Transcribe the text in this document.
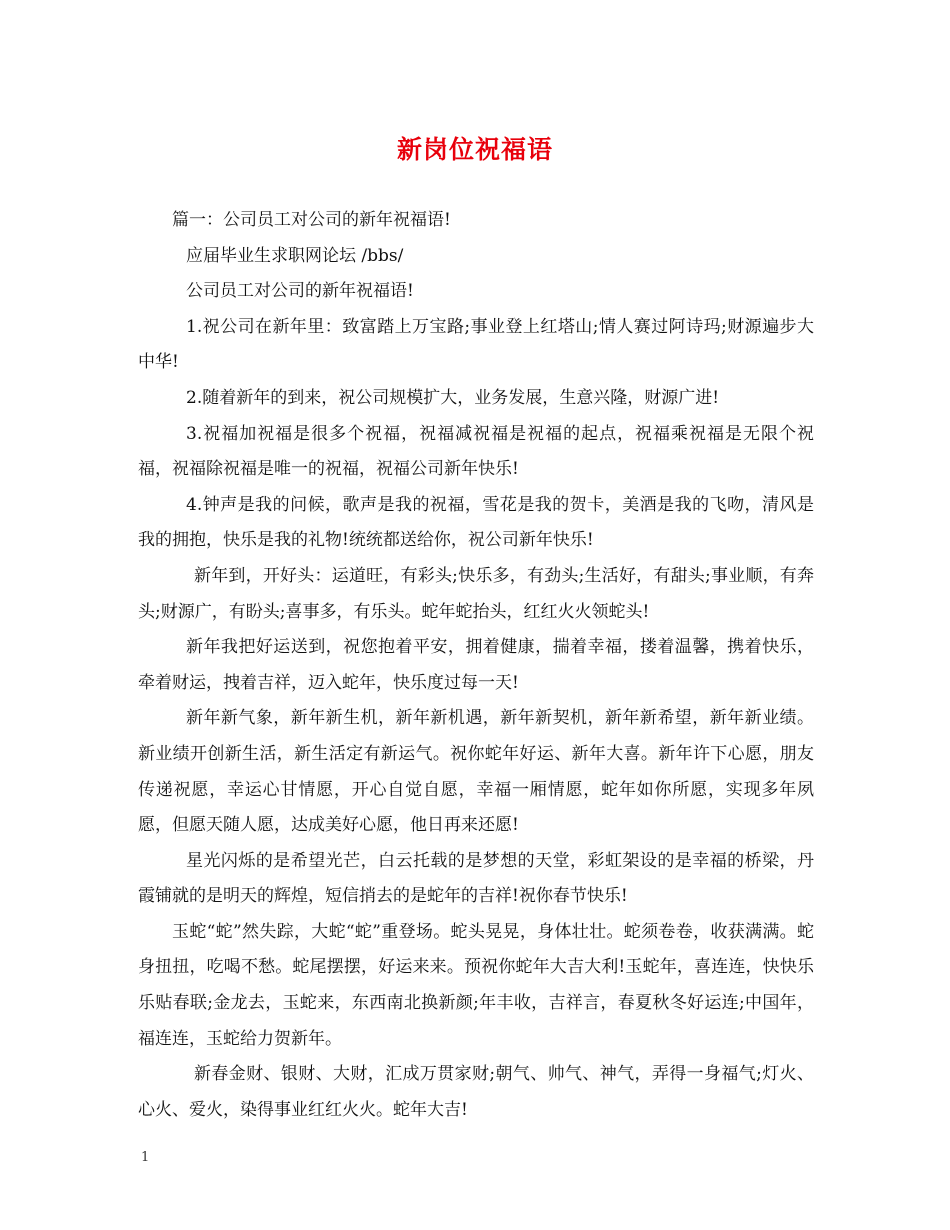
新岗位祝福语

篇一：公司员工对公司的新年祝福语!

应届毕业生求职网论坛 /bbs/

公司员工对公司的新年祝福语!

1.祝公司在新年里：致富踏上万宝路;事业登上红塔山;情人赛过阿诗玛;财源遍步大中华!

2.随着新年的到来，祝公司规模扩大，业务发展，生意兴隆，财源广进!

3.祝福加祝福是很多个祝福，祝福减祝福是祝福的起点，祝福乘祝福是无限个祝福，祝福除祝福是唯一的祝福，祝福公司新年快乐!

4.钟声是我的问候，歌声是我的祝福，雪花是我的贺卡，美酒是我的飞吻，清风是我的拥抱，快乐是我的礼物!统统都送给你，祝公司新年快乐!

新年到，开好头：运道旺，有彩头;快乐多，有劲头;生活好，有甜头;事业顺，有奔头;财源广，有盼头;喜事多，有乐头。蛇年蛇抬头，红红火火领蛇头!

新年我把好运送到，祝您抱着平安，拥着健康，揣着幸福，搂着温馨，携着快乐，牵着财运，拽着吉祥，迈入蛇年，快乐度过每一天!

新年新气象，新年新生机，新年新机遇，新年新契机，新年新希望，新年新业绩。新业绩开创新生活，新生活定有新运气。祝你蛇年好运、新年大喜。新年许下心愿，朋友传递祝愿，幸运心甘情愿，开心自觉自愿，幸福一厢情愿，蛇年如你所愿，实现多年夙愿，但愿天随人愿，达成美好心愿，他日再来还愿!

星光闪烁的是希望光芒，白云托载的是梦想的天堂，彩虹架设的是幸福的桥梁，丹霞铺就的是明天的辉煌，短信捎去的是蛇年的吉祥!祝你春节快乐!

玉蛇“蛇”然失踪，大蛇“蛇”重登场。蛇头晃晃，身体壮壮。蛇须卷卷，收获满满。蛇身扭扭，吃喝不愁。蛇尾摆摆，好运来来。预祝你蛇年大吉大利!玉蛇年，喜连连，快快乐乐贴春联;金龙去，玉蛇来，东西南北换新颜;年丰收，吉祥言，春夏秋冬好运连;中国年，福连连，玉蛇给力贺新年。

新春金财、银财、大财，汇成万贯家财;朝气、帅气、神气，弄得一身福气;灯火、心火、爱火，染得事业红红火火。蛇年大吉!

1
